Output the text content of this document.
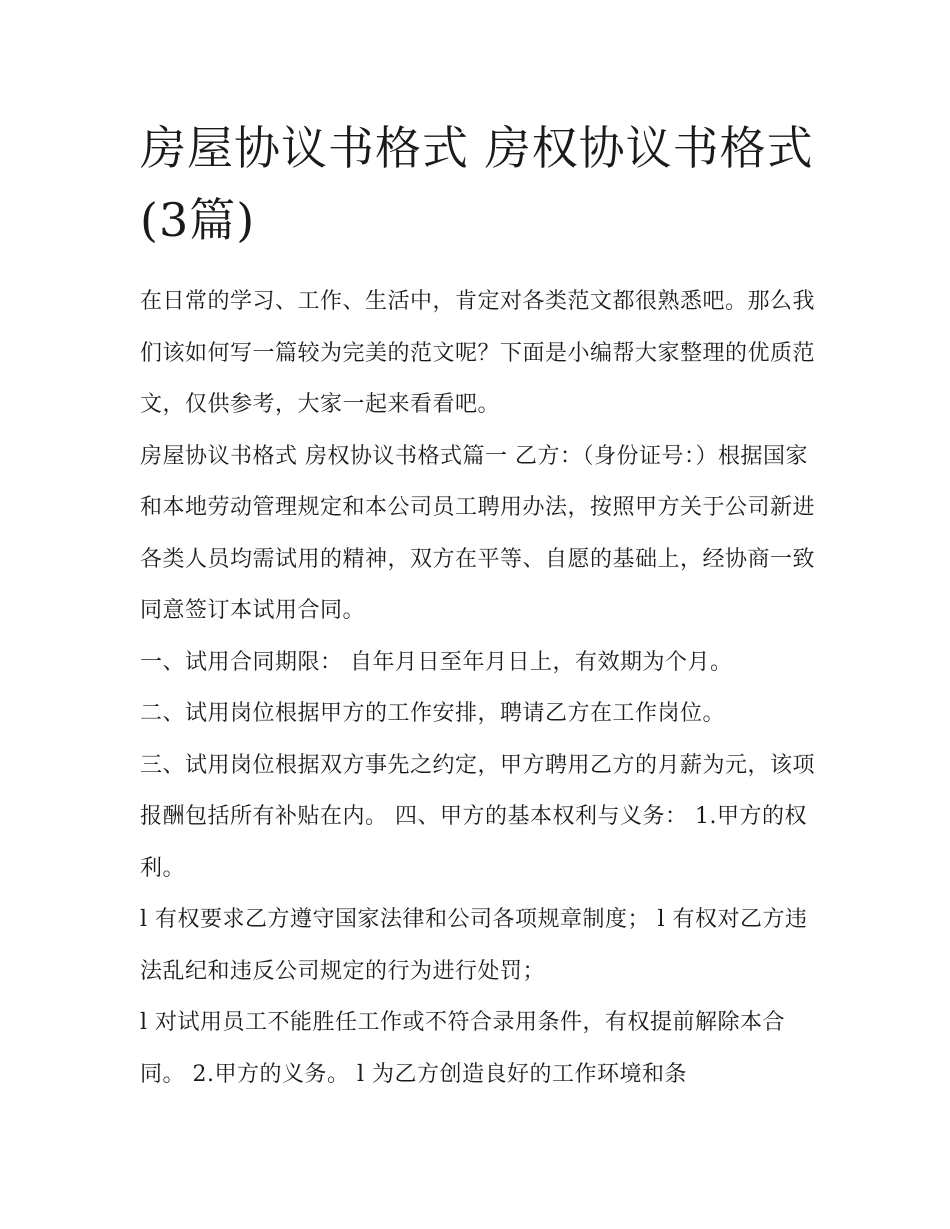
房屋协议书格式 房权协议书格式(3篇)

在日常的学习、工作、生活中，肯定对各类范文都很熟悉吧。那么我们该如何写一篇较为完美的范文呢？下面是小编帮大家整理的优质范文，仅供参考，大家一起来看看吧。

房屋协议书格式 房权协议书格式篇一 乙方：（身份证号：）根据国家和本地劳动管理规定和本公司员工聘用办法，按照甲方关于公司新进各类人员均需试用的精神，双方在平等、自愿的基础上，经协商一致同意签订本试用合同。

一、试用合同期限： 自年月日至年月日上，有效期为个月。

二、试用岗位根据甲方的工作安排，聘请乙方在工作岗位。

三、试用岗位根据双方事先之约定，甲方聘用乙方的月薪为元，该项报酬包括所有补贴在内。 四、甲方的基本权利与义务： 1.甲方的权利。

l 有权要求乙方遵守国家法律和公司各项规章制度； l 有权对乙方违法乱纪和违反公司规定的行为进行处罚；

l 对试用员工不能胜任工作或不符合录用条件，有权提前解除本合同。 2.甲方的义务。 l 为乙方创造良好的工作环境和条
